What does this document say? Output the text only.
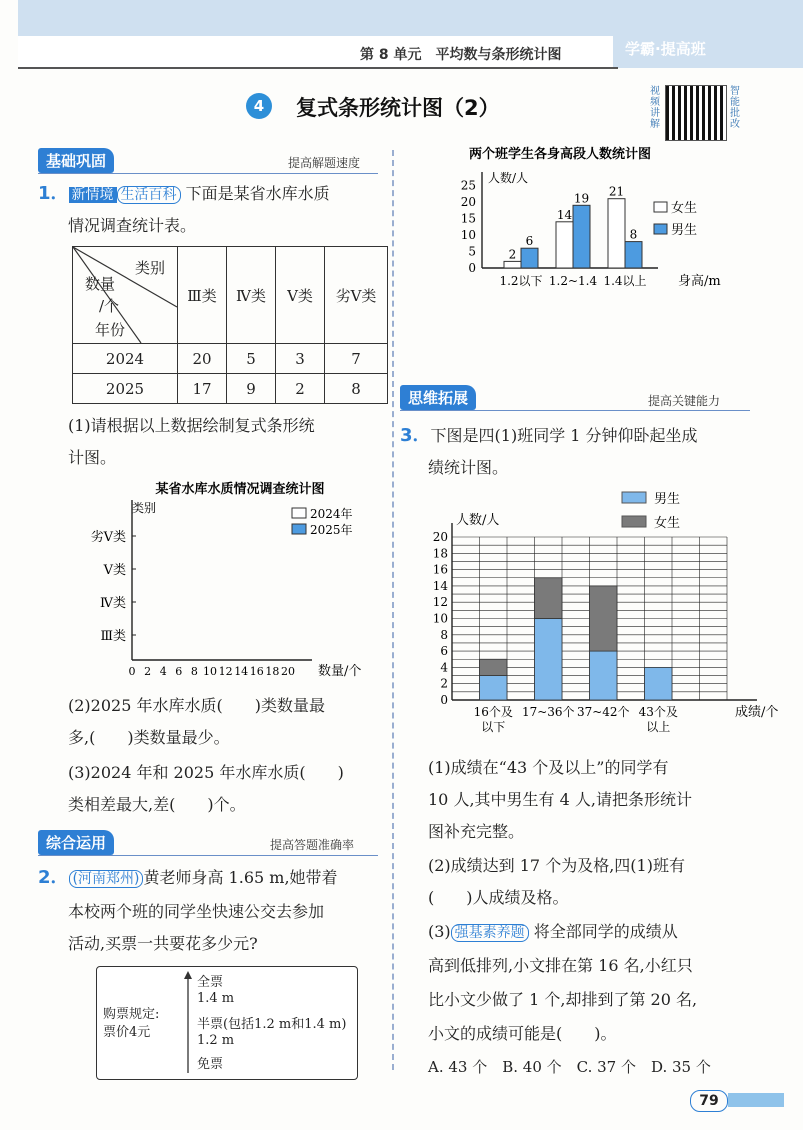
第 8 单元　平均数与条形统计图	学霸·提高班
4	复式条形统计图（2）
视频讲解
智能批改
基础巩固	提高解题速度
1． 新情境 生活百科 下面是某省水库水质
情况调查统计表。
类别
数量
/个
年份	Ⅲ类	Ⅳ类	Ⅴ类	劣Ⅴ类
2024	20	5	3	7
2025	17	9	2	8
(1)请根据以上数据绘制复式条形统
计图。
某省水库水质情况调查统计图
类别
劣Ⅴ类
Ⅴ类
Ⅳ类
Ⅲ类
0 2 4 6 8 10 12 14 16 18 20 数量/个
2024年
2025年
(2)2025 年水库水质(　　)类数量最
多,(　　)类数量最少。
(3)2024 年和 2025 年水库水质(　　)
类相差最大,差(　　)个。
综合运用	提高答题准确率
2． (河南郑州) 黄老师身高 1.65 m,她带着
本校两个班的同学坐快速公交去参加
活动,买票一共要花多少元?
购票规定:
票价4元
全票
1.4 m
半票(包括1.2 m和1.4 m)
1.2 m
免票
两个班学生各身高段人数统计图
人数/人
0
5
10
15
20
25
2
6
1.2以下
14
19
1.2~1.4
21
8
1.4以上 身高/m
女生
男生
思维拓展	提高关键能力
3．下图是四(1)班同学 1 分钟仰卧起坐成
绩统计图。
男生
女生
人数/人
0
2
4
6
8
10
12
14
16
18
20
16个及
以下
17~36个 37~42个 43个及
以上
成绩/个
(1)成绩在“43 个及以上”的同学有
10 人,其中男生有 4 人,请把条形统计
图补充完整。
(2)成绩达到 17 个为及格,四(1)班有
(　　)人成绩及格。
(3) 强基素养题 将全部同学的成绩从
高到低排列,小文排在第 16 名,小红只
比小文少做了 1 个,却排到了第 20 名,
小文的成绩可能是(　　)。
A. 43 个　B. 40 个　C. 37 个　D. 35 个
79
